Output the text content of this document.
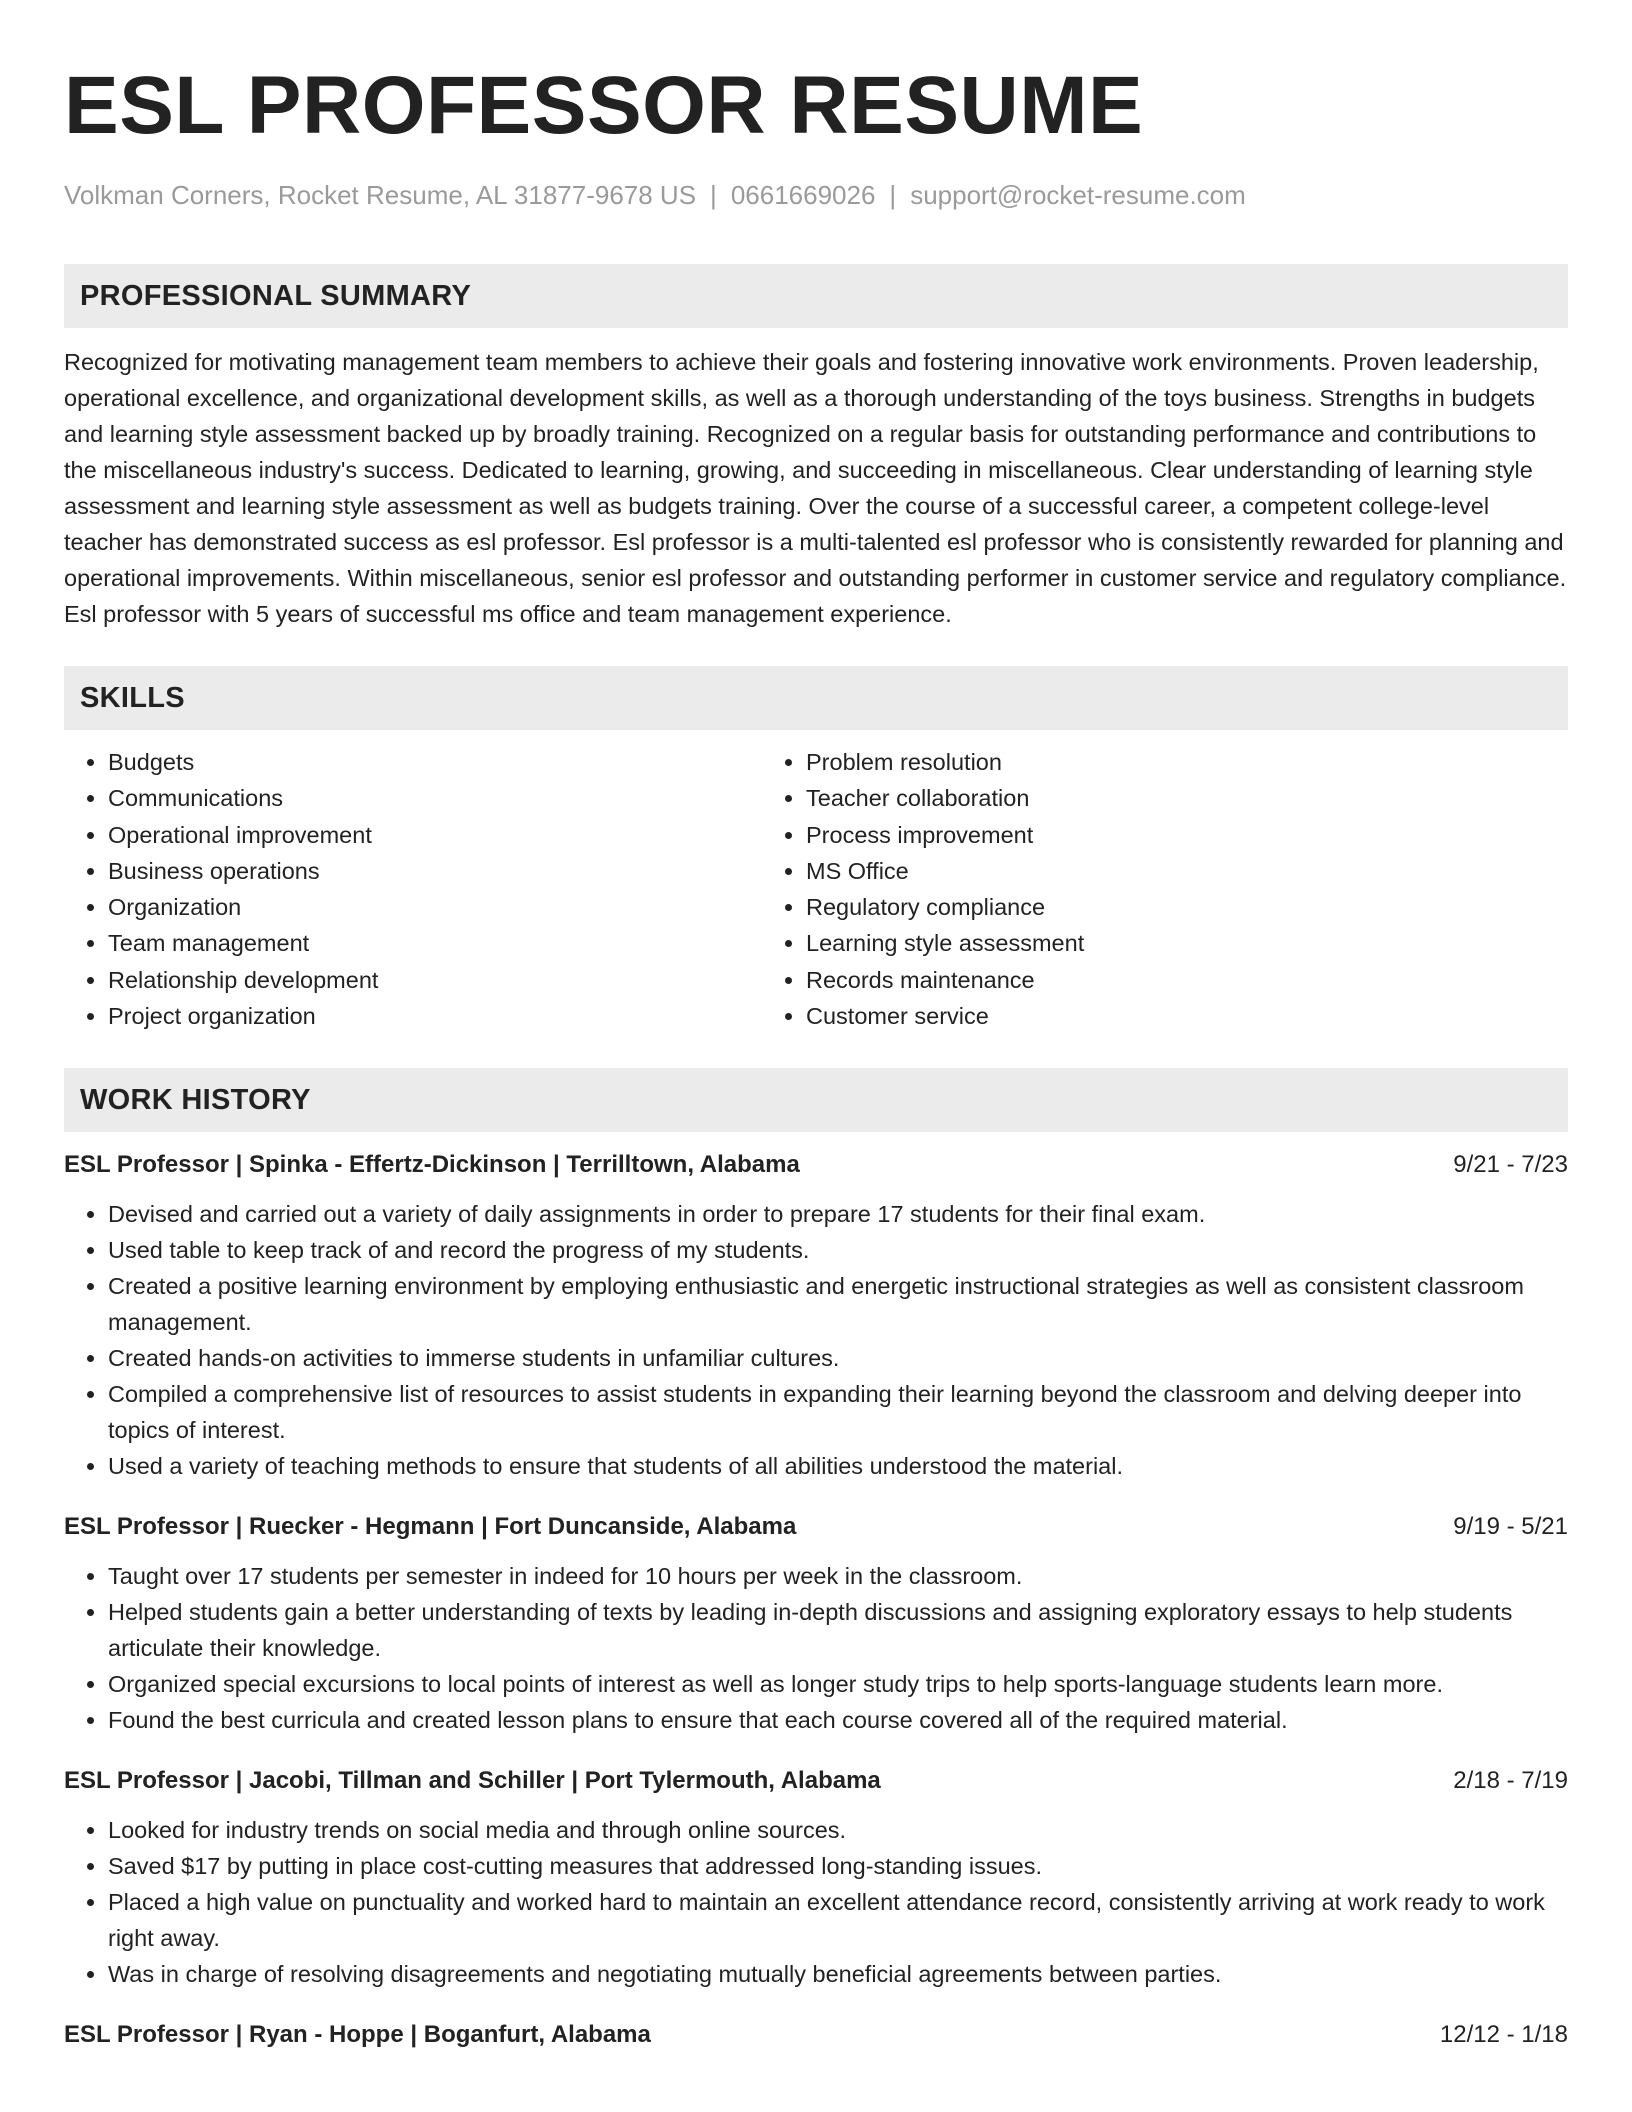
ESL PROFESSOR RESUME
Volkman Corners, Rocket Resume, AL 31877-9678 US | 0661669026 | support@rocket-resume.com
PROFESSIONAL SUMMARY

Recognized for motivating management team members to achieve their goals and fostering innovative work environments. Proven leadership, operational excellence, and organizational development skills, as well as a thorough understanding of the toys business. Strengths in budgets and learning style assessment backed up by broadly training. Recognized on a regular basis for outstanding performance and contributions to the miscellaneous industry's success. Dedicated to learning, growing, and succeeding in miscellaneous. Clear understanding of learning style assessment and learning style assessment as well as budgets training. Over the course of a successful career, a competent college-level teacher has demonstrated success as esl professor. Esl professor is a multi-talented esl professor who is consistently rewarded for planning and operational improvements. Within miscellaneous, senior esl professor and outstanding performer in customer service and regulatory compliance. Esl professor with 5 years of successful ms office and team management experience.

SKILLS
• Budgets
• Communications
• Operational improvement
• Business operations
• Organization
• Team management
• Relationship development
• Project organization
• Problem resolution
• Teacher collaboration
• Process improvement
• MS Office
• Regulatory compliance
• Learning style assessment
• Records maintenance
• Customer service
WORK HISTORY
ESL Professor | Spinka - Effertz-Dickinson | Terrilltown, Alabama	9/21 - 7/23
• Devised and carried out a variety of daily assignments in order to prepare 17 students for their final exam.
• Used table to keep track of and record the progress of my students.
• Created a positive learning environment by employing enthusiastic and energetic instructional strategies as well as consistent classroom management.
• Created hands-on activities to immerse students in unfamiliar cultures.
• Compiled a comprehensive list of resources to assist students in expanding their learning beyond the classroom and delving deeper into topics of interest.
• Used a variety of teaching methods to ensure that students of all abilities understood the material.
ESL Professor | Ruecker - Hegmann | Fort Duncanside, Alabama	9/19 - 5/21
• Taught over 17 students per semester in indeed for 10 hours per week in the classroom.
• Helped students gain a better understanding of texts by leading in-depth discussions and assigning exploratory essays to help students articulate their knowledge.
• Organized special excursions to local points of interest as well as longer study trips to help sports-language students learn more.
• Found the best curricula and created lesson plans to ensure that each course covered all of the required material.
ESL Professor | Jacobi, Tillman and Schiller | Port Tylermouth, Alabama	2/18 - 7/19
• Looked for industry trends on social media and through online sources.
• Saved $17 by putting in place cost-cutting measures that addressed long-standing issues.
• Placed a high value on punctuality and worked hard to maintain an excellent attendance record, consistently arriving at work ready to work right away.
• Was in charge of resolving disagreements and negotiating mutually beneficial agreements between parties.
ESL Professor | Ryan - Hoppe | Boganfurt, Alabama	12/12 - 1/18
